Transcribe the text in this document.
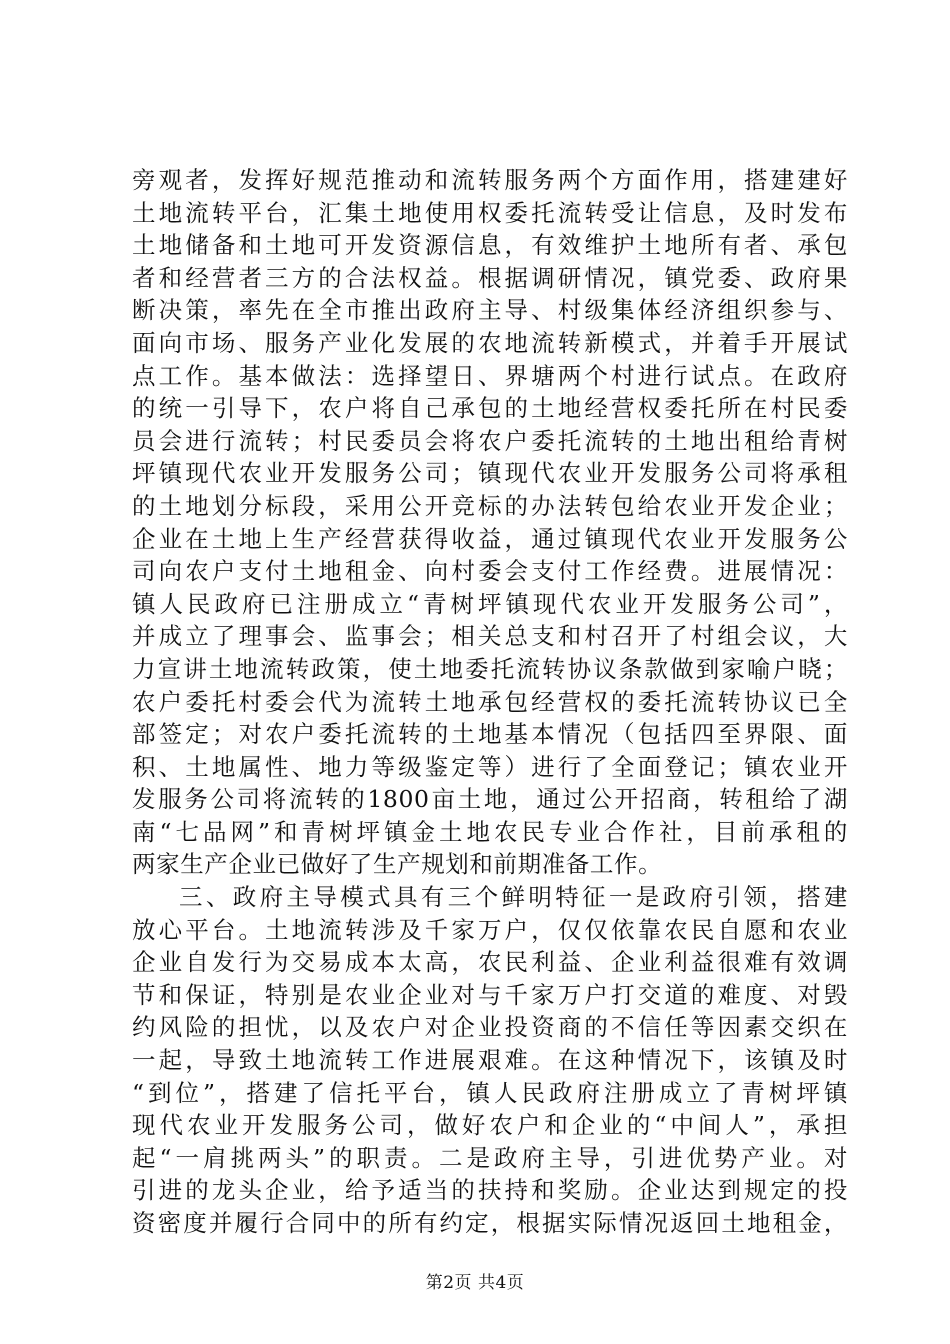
旁观者，发挥好规范推动和流转服务两个方面作用，搭建建好
土地流转平台，汇集土地使用权委托流转受让信息，及时发布
土地储备和土地可开发资源信息，有效维护土地所有者、承包
者和经营者三方的合法权益。根据调研情况，镇党委、政府果
断决策，率先在全市推出政府主导、村级集体经济组织参与、
面向市场、服务产业化发展的农地流转新模式，并着手开展试
点工作。基本做法：选择望日、界塘两个村进行试点。在政府
的统一引导下，农户将自己承包的土地经营权委托所在村民委
员会进行流转；村民委员会将农户委托流转的土地出租给青树
坪镇现代农业开发服务公司；镇现代农业开发服务公司将承租
的土地划分标段，采用公开竞标的办法转包给农业开发企业；
企业在土地上生产经营获得收益，通过镇现代农业开发服务公
司向农户支付土地租金、向村委会支付工作经费。进展情况：
镇人民政府已注册成立“青树坪镇现代农业开发服务公司”，
并成立了理事会、监事会；相关总支和村召开了村组会议，大
力宣讲土地流转政策，使土地委托流转协议条款做到家喻户晓；
农户委托村委会代为流转土地承包经营权的委托流转协议已全
部签定；对农户委托流转的土地基本情况（包括四至界限、面
积、土地属性、地力等级鉴定等）进行了全面登记；镇农业开
发服务公司将流转的1800亩土地，通过公开招商，转租给了湖
南“七品网”和青树坪镇金土地农民专业合作社，目前承租的
两家生产企业已做好了生产规划和前期准备工作。
三、政府主导模式具有三个鲜明特征一是政府引领，搭建
放心平台。土地流转涉及千家万户，仅仅依靠农民自愿和农业
企业自发行为交易成本太高，农民利益、企业利益很难有效调
节和保证，特别是农业企业对与千家万户打交道的难度、对毁
约风险的担忧，以及农户对企业投资商的不信任等因素交织在
一起，导致土地流转工作进展艰难。在这种情况下，该镇及时
“到位”，搭建了信托平台，镇人民政府注册成立了青树坪镇
现代农业开发服务公司，做好农户和企业的“中间人”，承担
起“一肩挑两头”的职责。二是政府主导，引进优势产业。对
引进的龙头企业，给予适当的扶持和奖励。企业达到规定的投
资密度并履行合同中的所有约定，根据实际情况返回土地租金，
第2页 共4页
